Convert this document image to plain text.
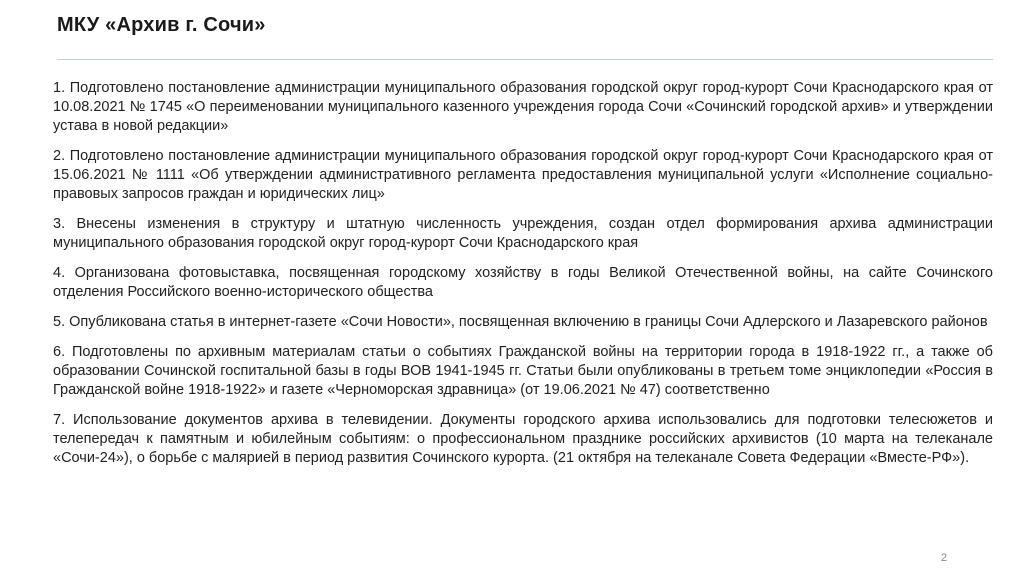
МКУ «Архив г. Сочи»

1. Подготовлено постановление администрации муниципального образования городской округ город-курорт Сочи Краснодарского края от 10.08.2021 № 1745 «О переименовании муниципального казенного учреждения города Сочи «Сочинский городской архив» и утверждении устава в новой редакции»

2. Подготовлено постановление администрации муниципального образования городской округ город-курорт Сочи Краснодарского края от 15.06.2021 № 1111 «Об утверждении административного регламента предоставления муниципальной услуги «Исполнение социально-правовых запросов граждан и юридических лиц»

3. Внесены изменения в структуру и штатную численность учреждения, создан отдел формирования архива администрации муниципального образования городской округ город-курорт Сочи Краснодарского края

4. Организована фотовыставка, посвященная городскому хозяйству в годы Великой Отечественной войны, на сайте Сочинского отделения Российского военно-исторического общества

5. Опубликована статья в интернет-газете «Сочи Новости», посвященная включению в границы Сочи Адлерского и Лазаревского районов

6. Подготовлены по архивным материалам статьи о событиях Гражданской войны на территории города в 1918-1922 гг., а также об образовании Сочинской госпитальной базы в годы ВОВ 1941-1945 гг. Статьи были опубликованы в третьем томе энциклопедии «Россия в Гражданской войне 1918-1922» и газете «Черноморская здравница» (от 19.06.2021 № 47) соответственно

7. Использование документов архива в телевидении. Документы городского архива использовались для подготовки телесюжетов и телепередач к памятным и юбилейным событиям: о профессиональном празднике российских архивистов (10 марта на телеканале «Сочи-24»), о борьбе с малярией в период развития Сочинского курорта. (21 октября на телеканале Совета Федерации «Вместе-РФ»).

2
